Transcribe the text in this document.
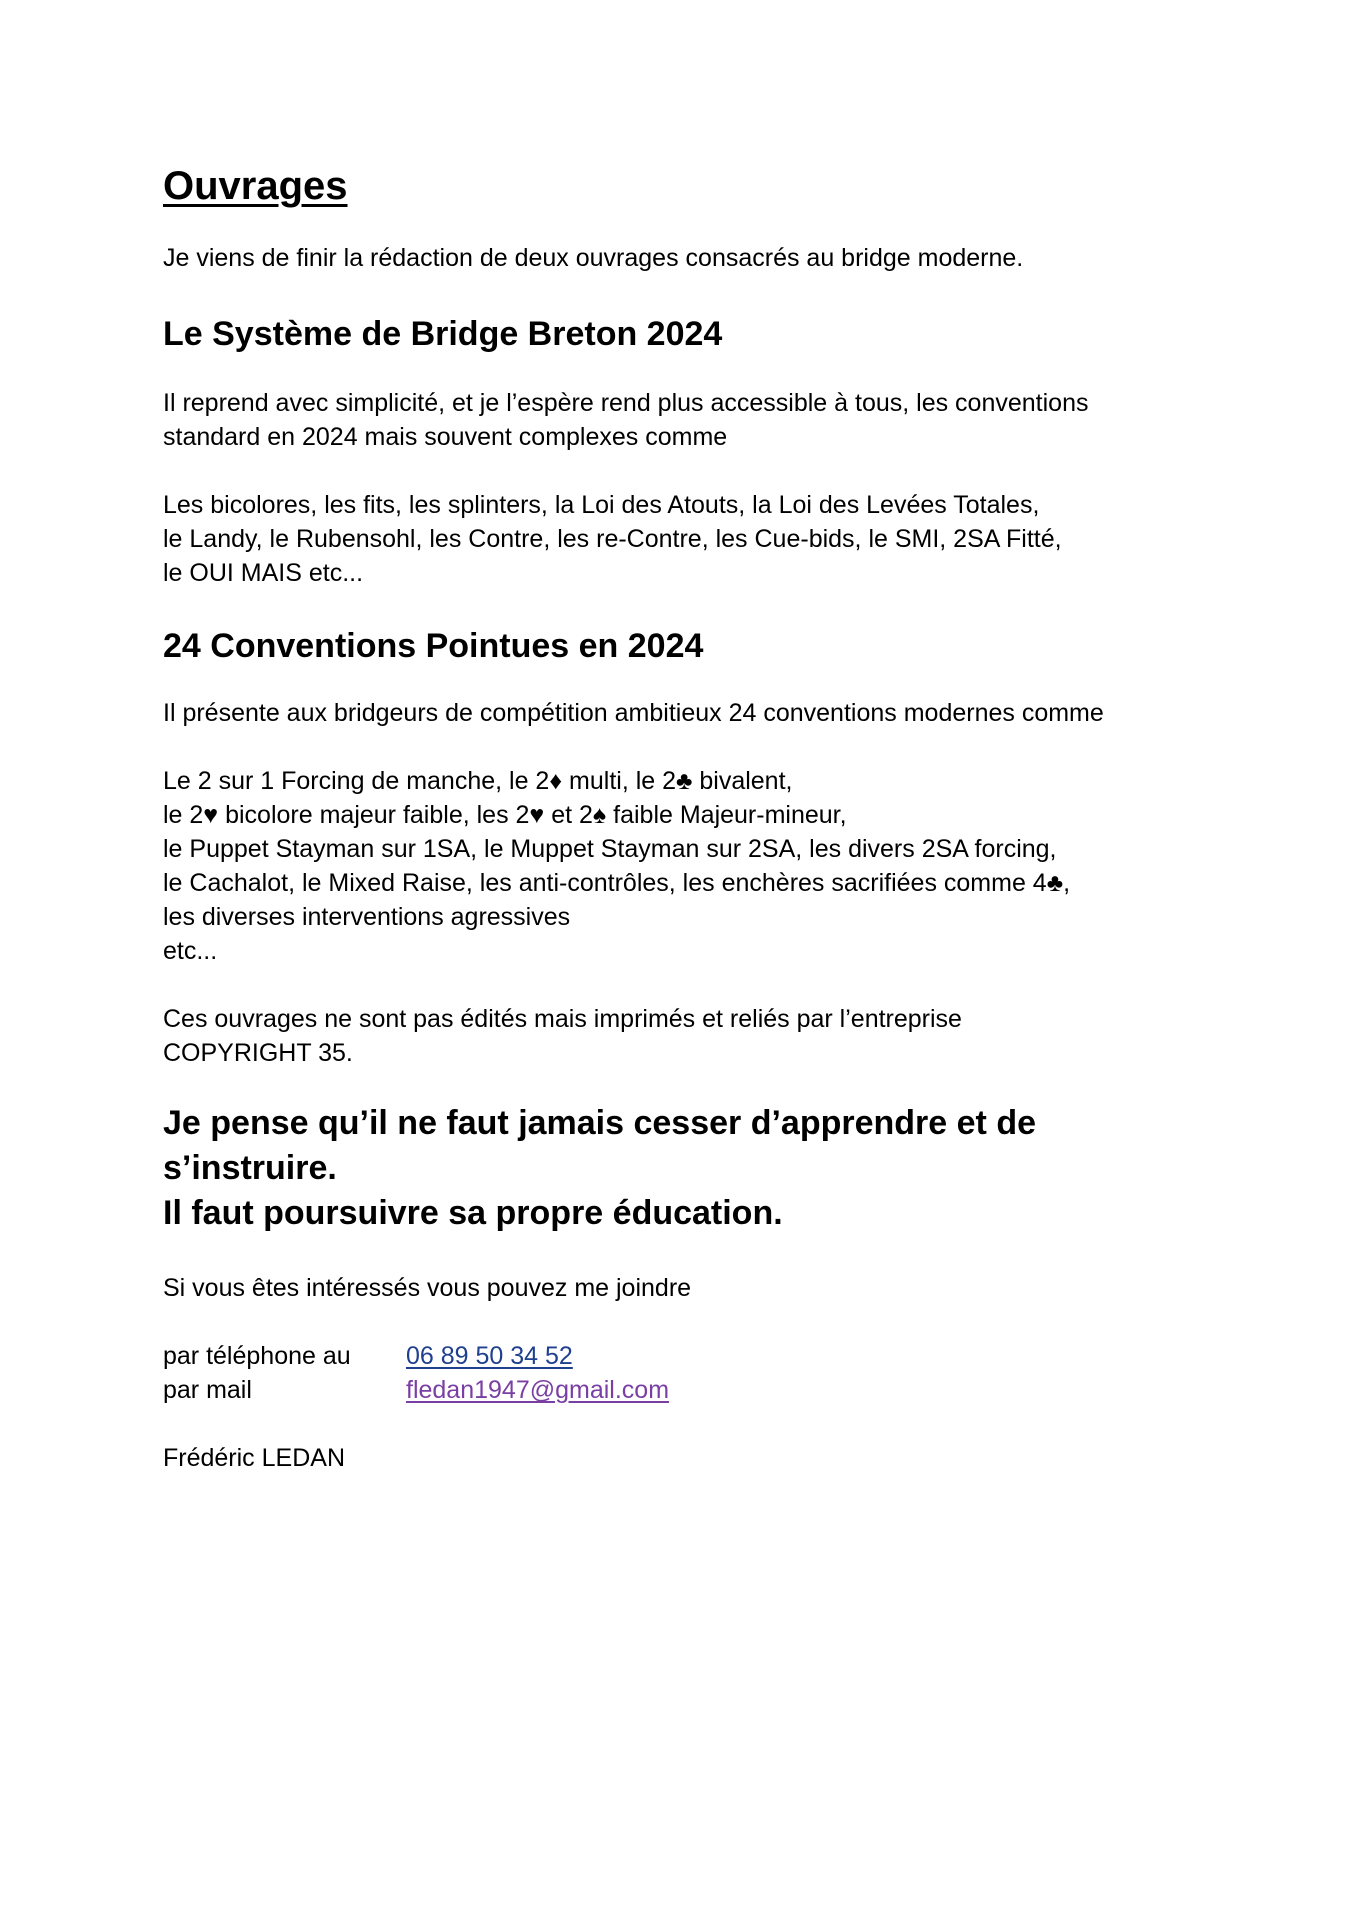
Ouvrages

Je viens de finir la rédaction de deux ouvrages consacrés au bridge moderne.

Le Système de Bridge Breton 2024

Il reprend avec simplicité, et je l’espère rend plus accessible à tous, les conventions

standard en 2024 mais souvent complexes comme

Les bicolores, les fits, les splinters, la Loi des Atouts, la Loi des Levées Totales,

le Landy, le Rubensohl, les Contre, les re-Contre, les Cue-bids, le SMI, 2SA Fitté,

le OUI MAIS etc...

24 Conventions Pointues en 2024

Il présente aux bridgeurs de compétition ambitieux 24 conventions modernes comme

Le 2 sur 1 Forcing de manche, le 2♦ multi, le 2♣ bivalent,

le 2♥ bicolore majeur faible, les 2♥ et 2♠ faible Majeur-mineur,

le Puppet Stayman sur 1SA, le Muppet Stayman sur 2SA, les divers 2SA forcing,

le Cachalot, le Mixed Raise, les anti-contrôles, les enchères sacrifiées comme 4♣,

les diverses interventions agressives

etc...

Ces ouvrages ne sont pas édités mais imprimés et reliés par l’entreprise

COPYRIGHT 35.

Je pense qu’il ne faut jamais cesser d’apprendre et de

s’instruire.

Il faut poursuivre sa propre éducation.

Si vous êtes intéressés vous pouvez me joindre

par téléphone au	06 89 50 34 52
par mail	fledan1947@gmail.com

Frédéric LEDAN
